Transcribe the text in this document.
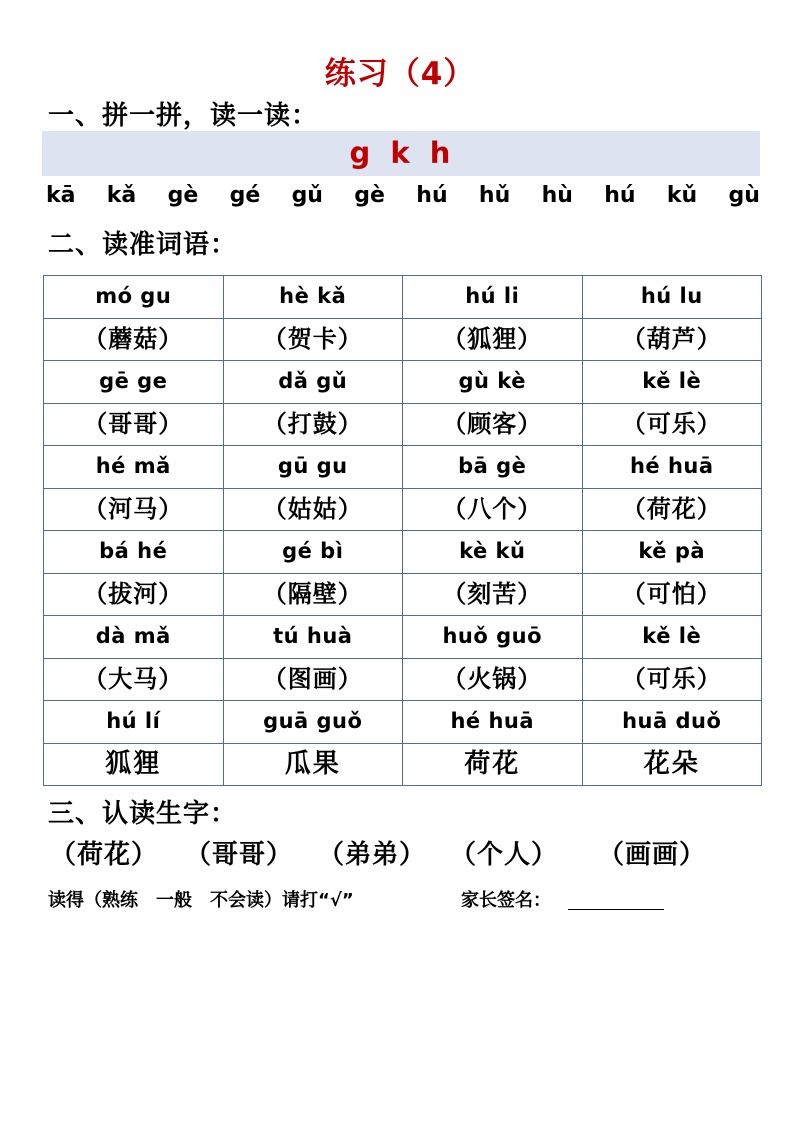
练习（4）
一、拼一拼，读一读：
g k h
kā kǎ gè gé gǔ gè hú hǔ hù hú kǔ gù
二、读准词语：
mó gu	hè kǎ	hú li	hú lu
（蘑菇）	（贺卡）	（狐狸）	（葫芦）
gē ge	dǎ gǔ	gù kè	kě lè
（哥哥）	（打鼓）	（顾客）	（可乐）
hé mǎ	gū gu	bā gè	hé huā
（河马）	（姑姑）	（八个）	（荷花）
bá hé	gé bì	kè kǔ	kě pà
（拔河）	（隔壁）	（刻苦）	（可怕）
dà mǎ	tú huà	huǒ guō	kě lè
（大马）	（图画）	（火锅）	（可乐）
hú lí	guā guǒ	hé huā	huā duǒ
狐狸	瓜果	荷花	花朵
三、认读生字：
（荷花） （哥哥） （弟弟） （个人） （画画）
读得（熟练　一般　不会读）请打“√”	家长签名：
